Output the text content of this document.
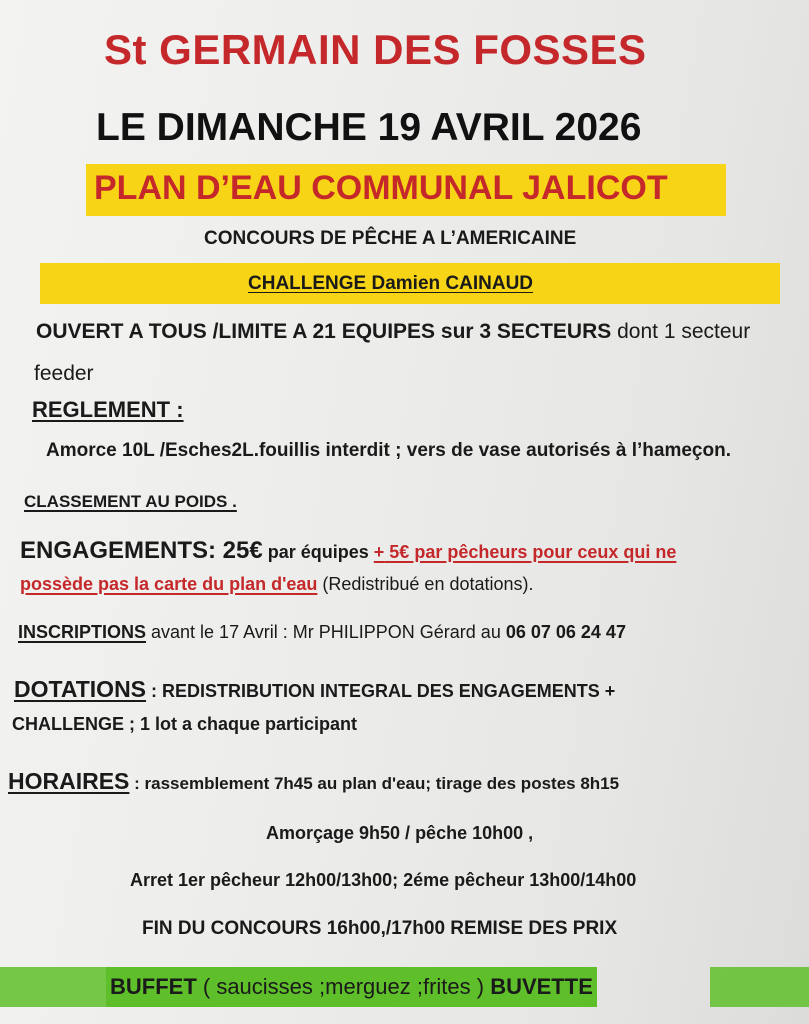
St GERMAIN DES FOSSES
LE DIMANCHE 19 AVRIL 2026
PLAN D’EAU COMMUNAL JALICOT
CONCOURS DE PÊCHE A L’AMERICAINE
CHALLENGE Damien CAINAUD
OUVERT A TOUS /LIMITE A 21 EQUIPES sur 3 SECTEURS dont 1 secteur
feeder
REGLEMENT :
Amorce 10L /Esches2L.fouillis interdit ; vers de vase autorisés à l’hameçon.
CLASSEMENT AU POIDS .
ENGAGEMENTS: 25€ par équipes + 5€ par pêcheurs pour ceux qui ne
possède pas la carte du plan d'eau (Redistribué en dotations).
INSCRIPTIONS avant le 17 Avril : Mr PHILIPPON Gérard au 06 07 06 24 47
DOTATIONS : REDISTRIBUTION INTEGRAL DES ENGAGEMENTS +
CHALLENGE ; 1 lot a chaque participant
HORAIRES : rassemblement 7h45 au plan d'eau; tirage des postes 8h15
Amorçage 9h50 / pêche 10h00 ,
Arret 1er pêcheur 12h00/13h00; 2éme pêcheur 13h00/14h00
FIN DU CONCOURS 16h00,/17h00 REMISE DES PRIX
BUFFET ( saucisses ;merguez ;frites ) BUVETTE
